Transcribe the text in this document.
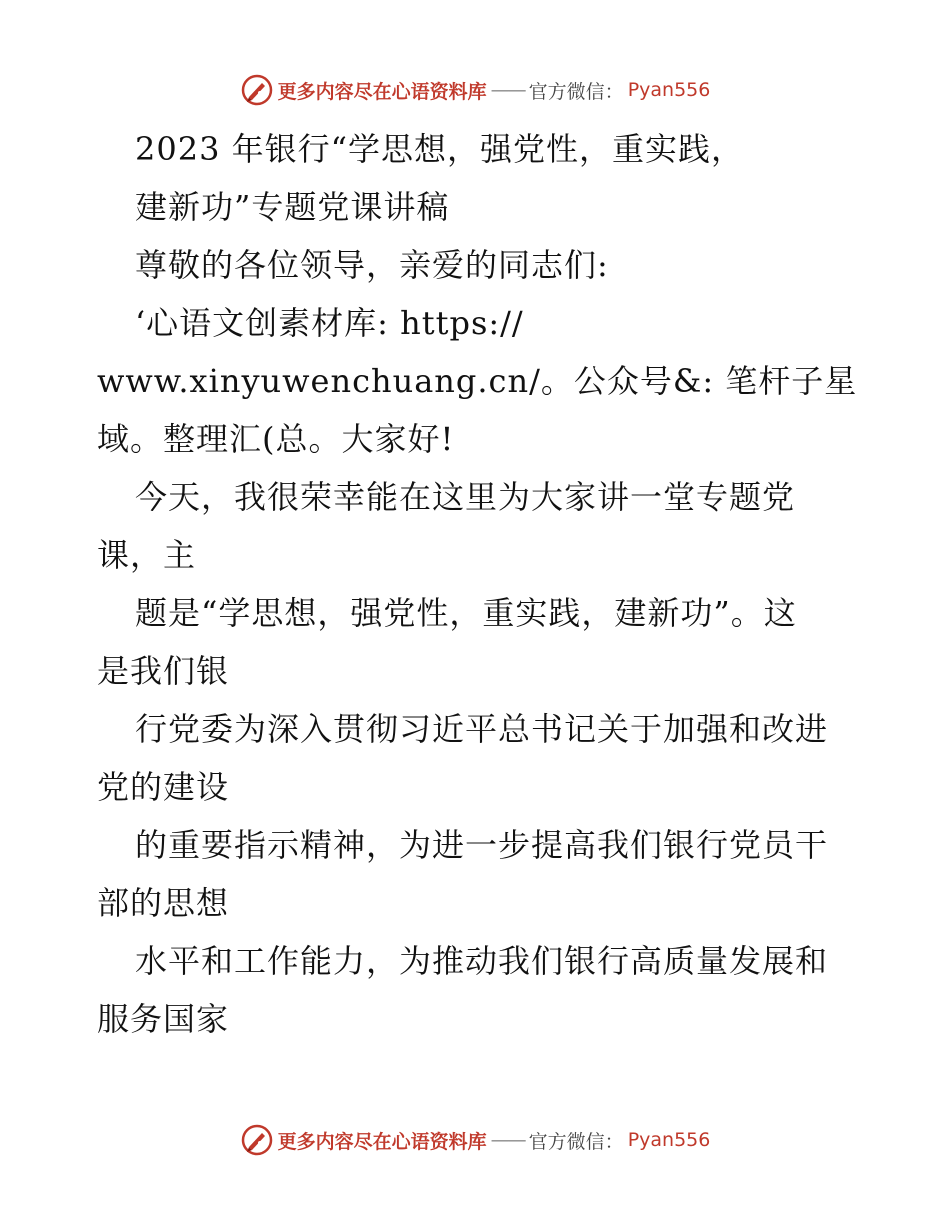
更多内容尽在心语资料库 —— 官方微信： Pyan556
2023 年银行“学思想，强党性，重实践，
建新功”专题党课讲稿
尊敬的各位领导，亲爱的同志们:
‘心语文创素材库: https://
www.xinyuwenchuang.cn/。公众号&: 笔杆子星
域。整理汇(总。大家好!
今天，我很荣幸能在这里为大家讲一堂专题党
课，主
题是“学思想，强党性，重实践，建新功”。这
是我们银
行党委为深入贯彻习近平总书记关于加强和改进
党的建设
的重要指示精神，为进一步提高我们银行党员干
部的思想
水平和工作能力，为推动我们银行高质量发展和
服务国家
更多内容尽在心语资料库 —— 官方微信： Pyan556
